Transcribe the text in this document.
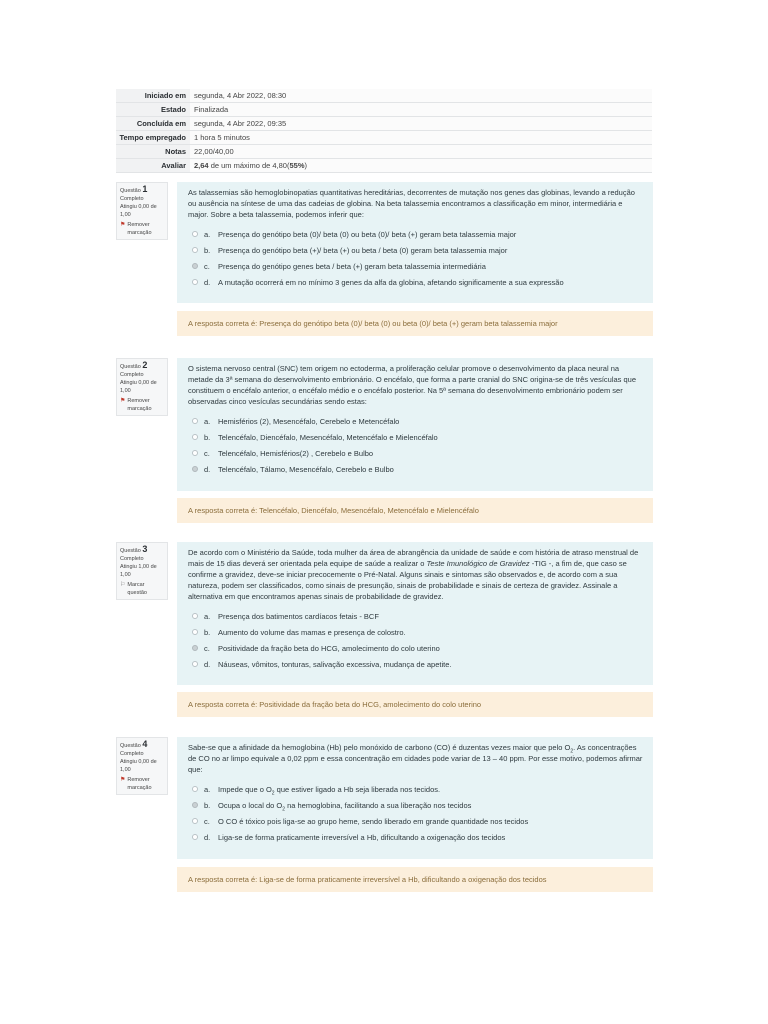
Iniciado em	segunda, 4 Abr 2022, 08:30
Estado	Finalizada
Concluída em	segunda, 4 Abr 2022, 09:35
Tempo empregado	1 hora 5 minutos
Notas	22,00/40,00
Avaliar	2,64 de um máximo de 4,80(55%)
Questão 1
Completo
Atingiu 0,00 de 1,00
⚑ Remover marcação

As talassemias são hemoglobinopatias quantitativas hereditárias, decorrentes de mutação nos genes das globinas, levando a redução ou ausência na síntese de uma das cadeias de globina. Na beta talassemia encontramos a classificação em minor, intermediária e major. Sobre a beta talassemia, podemos inferir que:

a.	Presença do genótipo beta (0)/ beta (0) ou beta (0)/ beta (+) geram beta talassemia major
b.	Presença do genótipo beta (+)/ beta (+) ou beta / beta (0) geram beta talassemia major
c.	Presença do genótipo genes beta / beta (+) geram beta talassemia intermediária
d.	A mutação ocorrerá em no mínimo 3 genes da alfa da globina, afetando significamente a sua expressão
A resposta correta é: Presença do genótipo beta (0)/ beta (0) ou beta (0)/ beta (+) geram beta talassemia major
Questão 2
Completo
Atingiu 0,00 de 1,00
⚑ Remover marcação

O sistema nervoso central (SNC) tem origem no ectoderma, a proliferação celular promove o desenvolvimento da placa neural na metade da 3ª semana do desenvolvimento embrionário. O encéfalo, que forma a parte cranial do SNC origina-se de três vesículas que constituem o encéfalo anterior, o encéfalo médio e o encéfalo posterior. Na 5ª semana do desenvolvimento embrionário podem ser observadas cinco vesículas secundárias sendo estas:

a.	Hemisférios (2), Mesencéfalo, Cerebelo e Metencéfalo
b.	Telencéfalo, Diencéfalo, Mesencéfalo, Metencéfalo e Mielencéfalo
c.	Telencéfalo, Hemisférios(2) , Cerebelo e Bulbo
d.	Telencéfalo, Tálamo, Mesencéfalo, Cerebelo e Bulbo
A resposta correta é: Telencéfalo, Diencéfalo, Mesencéfalo, Metencéfalo e Mielencéfalo
Questão 3
Completo
Atingiu 1,00 de 1,00
⚐ Marcar questão

De acordo com o Ministério da Saúde, toda mulher da área de abrangência da unidade de saúde e com história de atraso menstrual de mais de 15 dias deverá ser orientada pela equipe de saúde a realizar o Teste Imunológico de Gravidez -TIG -, a fim de, que caso se confirme a gravidez, deve-se iniciar precocemente o Pré-Natal. Alguns sinais e sintomas são observados e, de acordo com a sua natureza, podem ser classificados, como sinais de presunção, sinais de probabilidade e sinais de certeza de gravidez. Assinale a alternativa em que encontramos apenas sinais de probabilidade de gravidez.

a.	Presença dos batimentos cardíacos fetais - BCF
b.	Aumento do volume das mamas e presença de colostro.
c.	Positividade da fração beta do HCG, amolecimento do colo uterino
d.	Náuseas, vômitos, tonturas, salivação excessiva, mudança de apetite.
A resposta correta é: Positividade da fração beta do HCG, amolecimento do colo uterino
Questão 4
Completo
Atingiu 0,00 de 1,00
⚑ Remover marcação

Sabe-se que a afinidade da hemoglobina (Hb) pelo monóxido de carbono (CO) é duzentas vezes maior que pelo $O_2$. As concentrações de CO no ar limpo equivale a 0,02 ppm e essa concentração em cidades pode variar de 13 – 40 ppm. Por esse motivo, podemos afirmar que:

a.	Impede que o $O_2$ que estiver ligado a Hb seja liberada nos tecidos.
b.	Ocupa o local do $O_2$ na hemoglobina, facilitando a sua liberação nos tecidos
c.	O CO é tóxico pois liga-se ao grupo heme, sendo liberado em grande quantidade nos tecidos
d.	Liga-se de forma praticamente irreversível a Hb, dificultando a oxigenação dos tecidos
A resposta correta é: Liga-se de forma praticamente irreversível a Hb, dificultando a oxigenação dos tecidos
